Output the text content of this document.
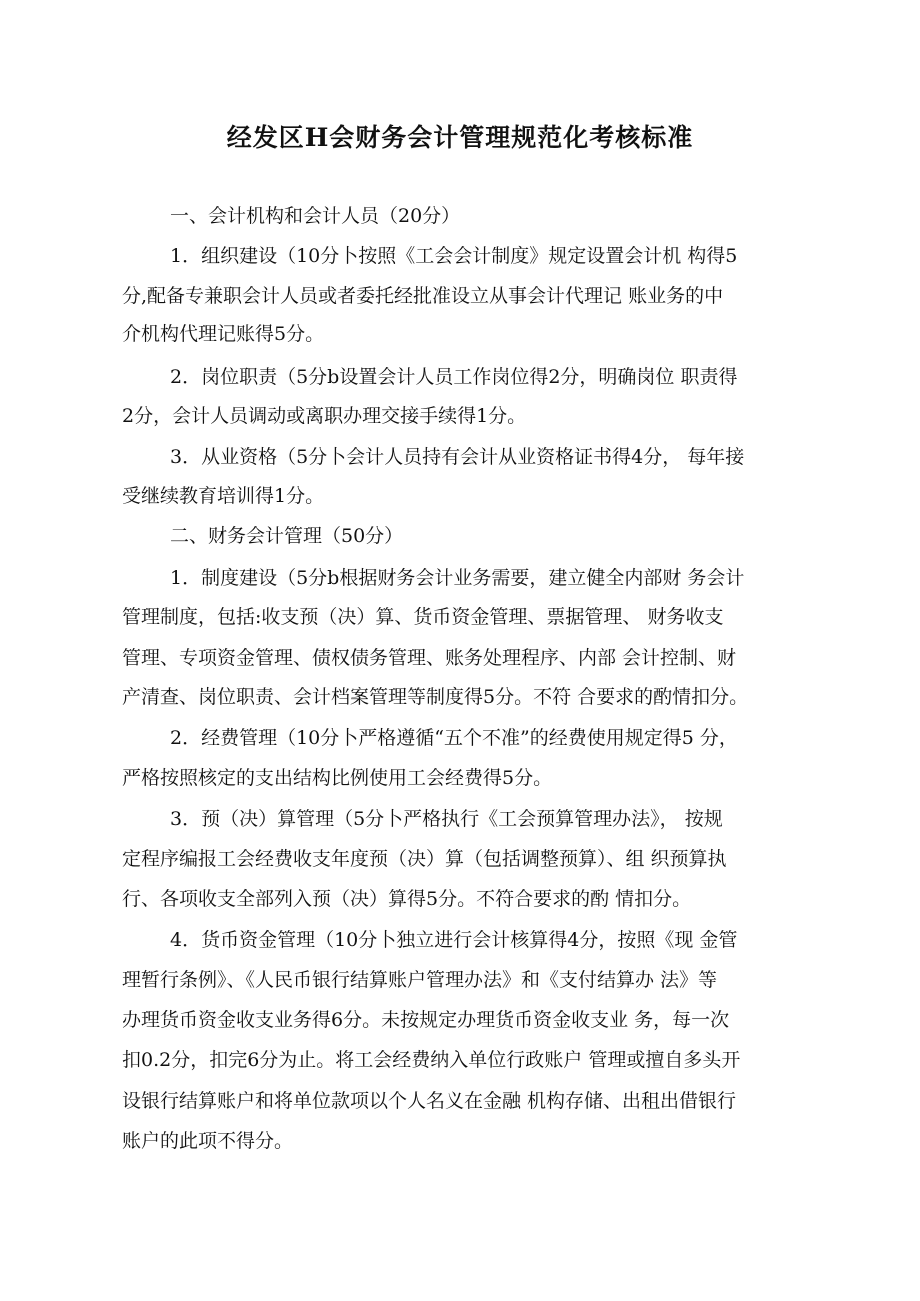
经发区H会财务会计管理规范化考核标准
一、会计机构和会计人员（20分）
1．组织建设（10分卜按照《工会会计制度》规定设置会计机 构得5
分,配备专兼职会计人员或者委托经批准设立从事会计代理记 账业务的中
介机构代理记账得5分。
2．岗位职责（5分b设置会计人员工作岗位得2分，明确岗位 职责得
2分，会计人员调动或离职办理交接手续得1分。
3．从业资格（5分卜会计人员持有会计从业资格证书得4分， 每年接
受继续教育培训得1分。
二、财务会计管理（50分）
1．制度建设（5分b根据财务会计业务需要，建立健全内部财 务会计
管理制度，包括:收支预（决）算、货币资金管理、票据管理、 财务收支
管理、专项资金管理、债权债务管理、账务处理程序、内部 会计控制、财
产清查、岗位职责、会计档案管理等制度得5分。不符 合要求的酌情扣分。
2．经费管理（10分卜严格遵循“五个不准”的经费使用规定得5 分，
严格按照核定的支出结构比例使用工会经费得5分。
3．预（决）算管理（5分卜严格执行《工会预算管理办法》， 按规
定程序编报工会经费收支年度预（决）算（包括调整预算）、组 织预算执
行、各项收支全部列入预（决）算得5分。不符合要求的酌 情扣分。
4．货币资金管理（10分卜独立进行会计核算得4分，按照《现 金管
理暂行条例》、《人民币银行结算账户管理办法》和《支付结算办 法》等
办理货币资金收支业务得6分。未按规定办理货币资金收支业 务，每一次
扣0.2分，扣完6分为止。将工会经费纳入单位行政账户 管理或擅自多头开
设银行结算账户和将单位款项以个人名义在金融 机构存储、出租出借银行
账户的此项不得分。
